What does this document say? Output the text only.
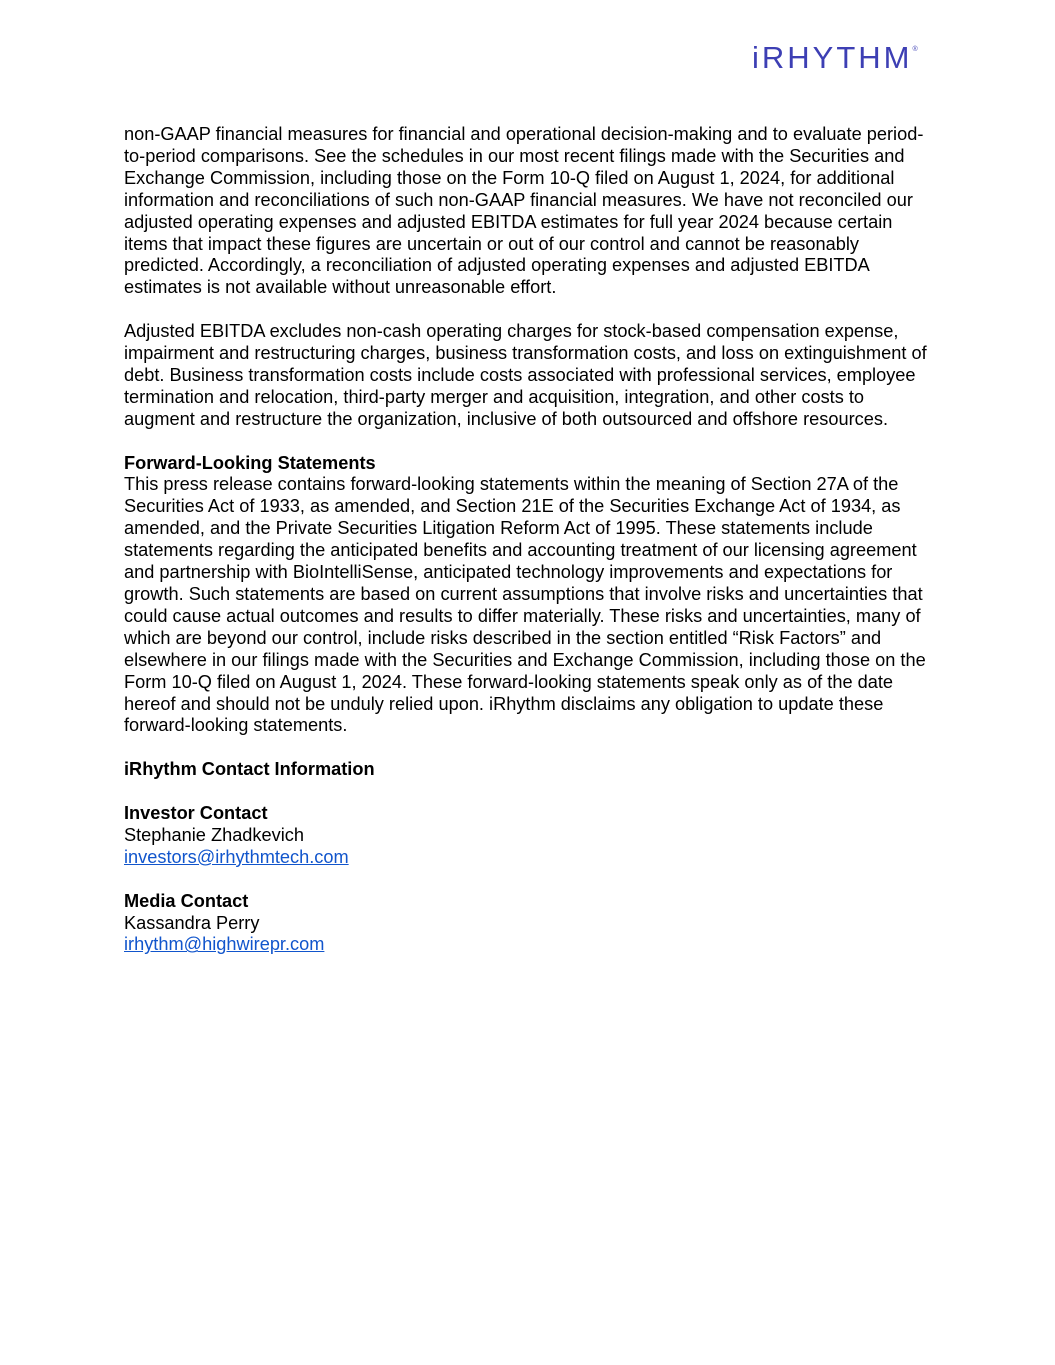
iRHYTHM®

non-GAAP financial measures for financial and operational decision-making and to evaluate period-to-period comparisons. See the schedules in our most recent filings made with the Securities and Exchange Commission, including those on the Form 10-Q filed on August 1, 2024, for additional information and reconciliations of such non-GAAP financial measures. We have not reconciled our adjusted operating expenses and adjusted EBITDA estimates for full year 2024 because certain items that impact these figures are uncertain or out of our control and cannot be reasonably predicted. Accordingly, a reconciliation of adjusted operating expenses and adjusted EBITDA estimates is not available without unreasonable effort.

Adjusted EBITDA excludes non-cash operating charges for stock-based compensation expense, impairment and restructuring charges, business transformation costs, and loss on extinguishment of debt. Business transformation costs include costs associated with professional services, employee termination and relocation, third-party merger and acquisition, integration, and other costs to augment and restructure the organization, inclusive of both outsourced and offshore resources.

Forward-Looking Statements
This press release contains forward-looking statements within the meaning of Section 27A of the Securities Act of 1933, as amended, and Section 21E of the Securities Exchange Act of 1934, as amended, and the Private Securities Litigation Reform Act of 1995. These statements include statements regarding the anticipated benefits and accounting treatment of our licensing agreement and partnership with BioIntelliSense, anticipated technology improvements and expectations for growth. Such statements are based on current assumptions that involve risks and uncertainties that could cause actual outcomes and results to differ materially. These risks and uncertainties, many of which are beyond our control, include risks described in the section entitled “Risk Factors” and elsewhere in our filings made with the Securities and Exchange Commission, including those on the Form 10-Q filed on August 1, 2024. These forward-looking statements speak only as of the date hereof and should not be unduly relied upon. iRhythm disclaims any obligation to update these forward-looking statements.

iRhythm Contact Information

Investor Contact
Stephanie Zhadkevich
investors@irhythmtech.com

Media Contact
Kassandra Perry
irhythm@highwirepr.com
